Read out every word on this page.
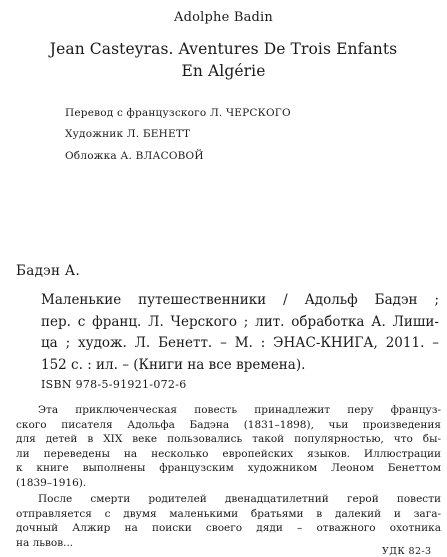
Adolphe Badin
Jean Casteyras. Aventures De Trois Enfants
En Algérie
Перевод с французского Л. ЧЕРСКОГО
Художник Л. БЕНЕТТ
Обложка А. ВЛАСОВОЙ
Бадэн А.
Маленькие путешественники / Адольф Бадэн ;
пер. с франц. Л. Черского ; лит. обработка А. Лиши-
ца ; худож. Л. Бенетт. – М. : ЭНАС-КНИГА, 2011. –
152 с. : ил. – (Книги на все времена).
ISBN 978-5-91921-072-6
Эта приключенческая повесть принадлежит перу француз-
ского писателя Адольфа Бадэна (1831–1898), чьи произведения
для детей в XIX веке пользовались такой популярностью, что бы-
ли переведены на несколько европейских языков. Иллюстрации
к книге выполнены французским художником Леоном Бенеттом
(1839–1916).
После смерти родителей двенадцатилетний герой повести
отправляется с двумя маленькими братьями в далекий и зага-
дочный Алжир на поиски своего дяди – отважного охотника
на львов...
УДК 82-3
